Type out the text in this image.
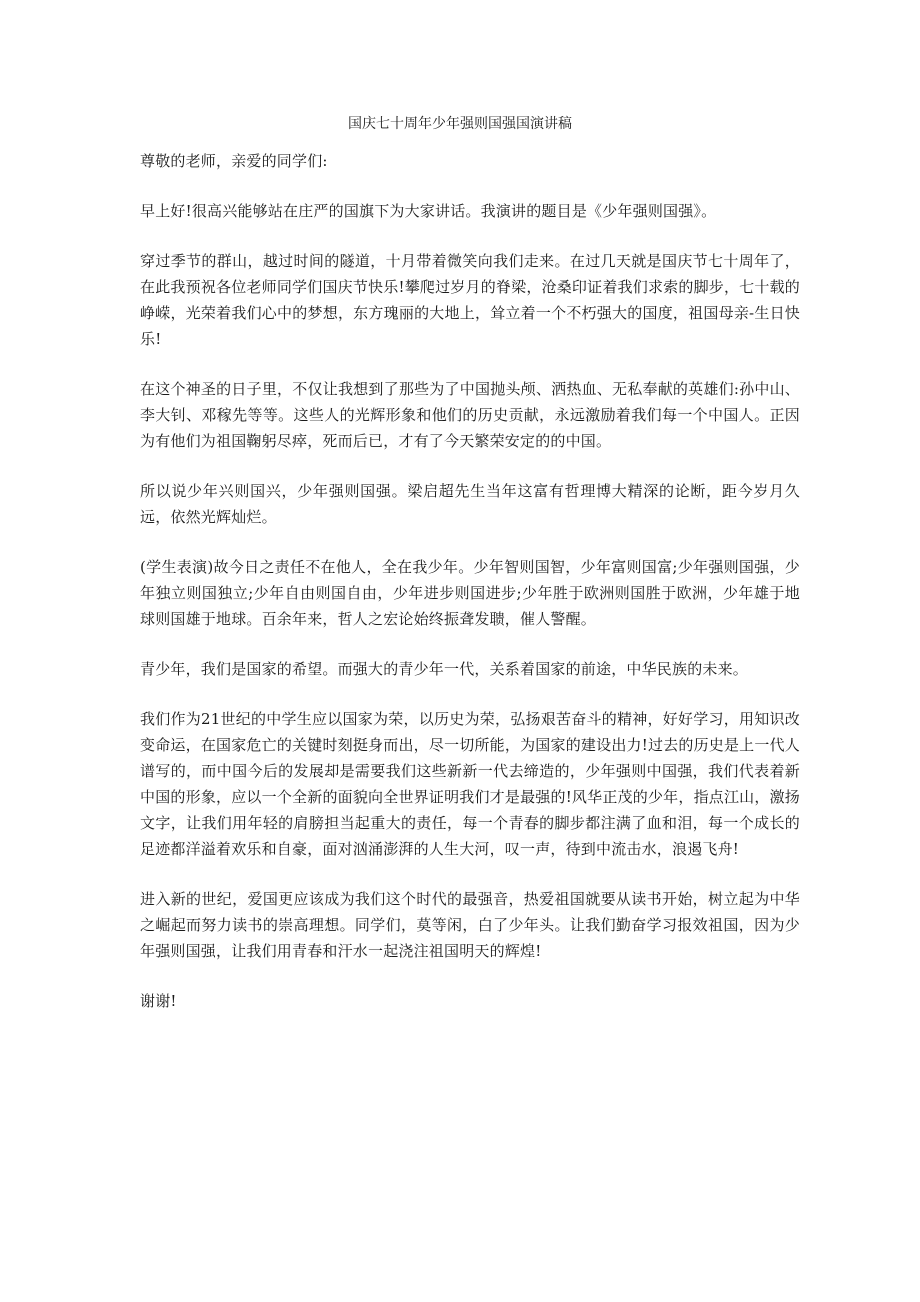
国庆七十周年少年强则国强国演讲稿

尊敬的老师，亲爱的同学们:

早上好!很高兴能够站在庄严的国旗下为大家讲话。我演讲的题目是《少年强则国强》。

穿过季节的群山，越过时间的隧道，十月带着微笑向我们走来。在过几天就是国庆节七十周年了，在此我预祝各位老师同学们国庆节快乐!攀爬过岁月的脊梁，沧桑印证着我们求索的脚步，七十载的峥嵘，光荣着我们心中的梦想，东方瑰丽的大地上，耸立着一个不朽强大的国度，祖国母亲-生日快乐!

在这个神圣的日子里，不仅让我想到了那些为了中国抛头颅、洒热血、无私奉献的英雄们:孙中山、李大钊、邓稼先等等。这些人的光辉形象和他们的历史贡献，永远激励着我们每一个中国人。正因为有他们为祖国鞠躬尽瘁，死而后已，才有了今天繁荣安定的的中国。

所以说少年兴则国兴，少年强则国强。梁启超先生当年这富有哲理博大精深的论断，距今岁月久远，依然光辉灿烂。

(学生表演)故今日之责任不在他人，全在我少年。少年智则国智，少年富则国富;少年强则国强，少年独立则国独立;少年自由则国自由，少年进步则国进步;少年胜于欧洲则国胜于欧洲，少年雄于地球则国雄于地球。百余年来，哲人之宏论始终振聋发聩，催人警醒。

青少年，我们是国家的希望。而强大的青少年一代，关系着国家的前途，中华民族的未来。

我们作为21世纪的中学生应以国家为荣，以历史为荣，弘扬艰苦奋斗的精神，好好学习，用知识改变命运，在国家危亡的关键时刻挺身而出，尽一切所能，为国家的建设出力!过去的历史是上一代人谱写的，而中国今后的发展却是需要我们这些新新一代去缔造的，少年强则中国强，我们代表着新中国的形象，应以一个全新的面貌向全世界证明我们才是最强的!风华正茂的少年，指点江山，激扬文字，让我们用年轻的肩膀担当起重大的责任，每一个青春的脚步都注满了血和泪，每一个成长的足迹都洋溢着欢乐和自豪，面对汹涌澎湃的人生大河，叹一声，待到中流击水，浪遏飞舟!

进入新的世纪，爱国更应该成为我们这个时代的最强音，热爱祖国就要从读书开始，树立起为中华之崛起而努力读书的崇高理想。同学们，莫等闲，白了少年头。让我们勤奋学习报效祖国，因为少年强则国强，让我们用青春和汗水一起浇注祖国明天的辉煌!

谢谢!
